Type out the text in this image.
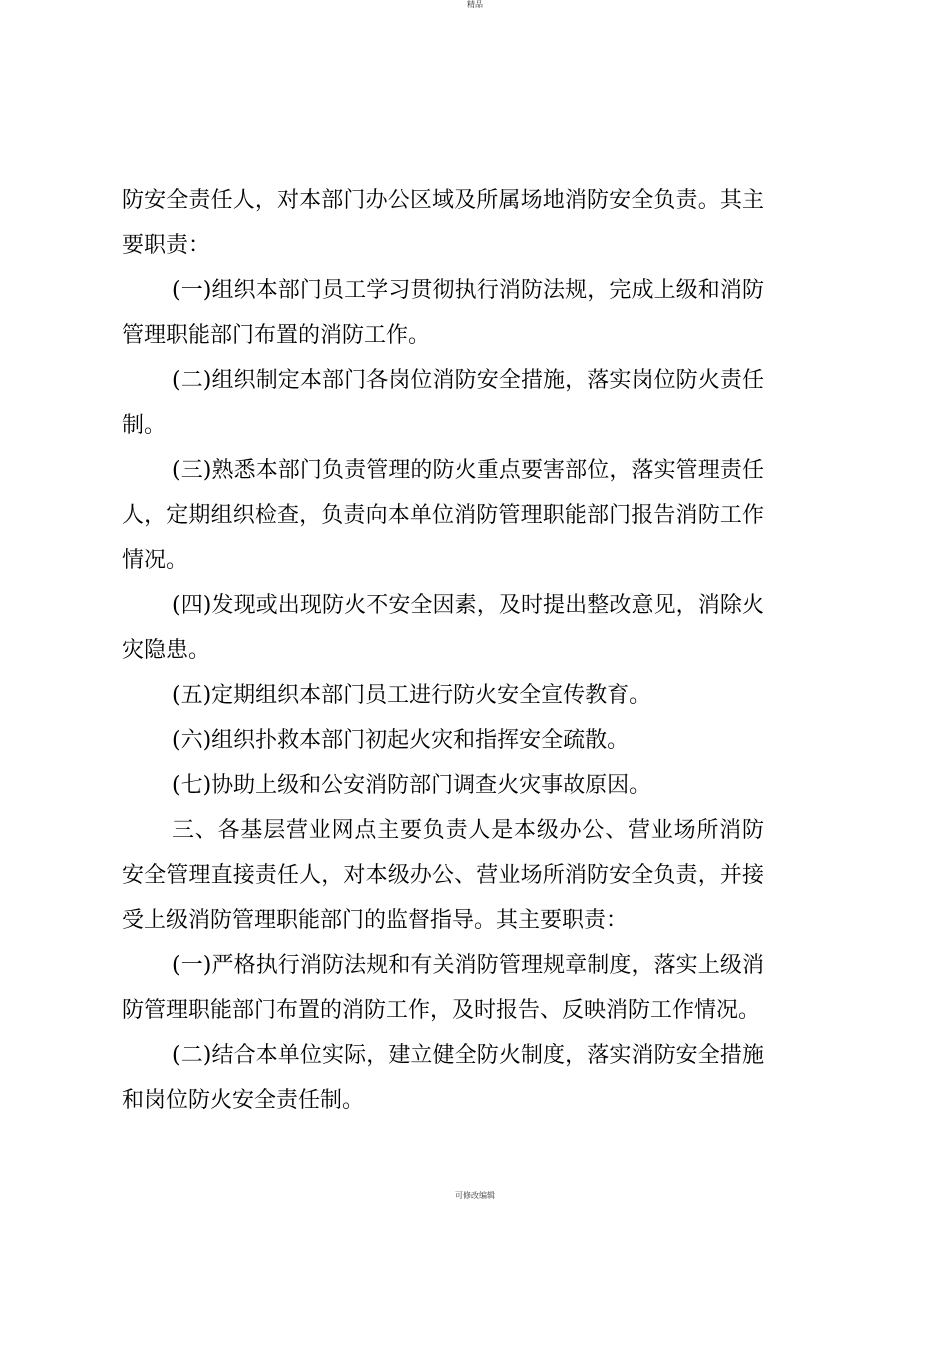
精品

防安全责任人，对本部门办公区域及所属场地消防安全负责。其主要职责：

(一)组织本部门员工学习贯彻执行消防法规，完成上级和消防管理职能部门布置的消防工作。

(二)组织制定本部门各岗位消防安全措施，落实岗位防火责任制。

(三)熟悉本部门负责管理的防火重点要害部位，落实管理责任人，定期组织检查，负责向本单位消防管理职能部门报告消防工作情况。

(四)发现或出现防火不安全因素，及时提出整改意见，消除火灾隐患。

(五)定期组织本部门员工进行防火安全宣传教育。

(六)组织扑救本部门初起火灾和指挥安全疏散。

(七)协助上级和公安消防部门调查火灾事故原因。

三、各基层营业网点主要负责人是本级办公、营业场所消防安全管理直接责任人，对本级办公、营业场所消防安全负责，并接受上级消防管理职能部门的监督指导。其主要职责：

(一)严格执行消防法规和有关消防管理规章制度，落实上级消防管理职能部门布置的消防工作，及时报告、反映消防工作情况。

(二)结合本单位实际，建立健全防火制度，落实消防安全措施和岗位防火安全责任制。

可修改编辑
